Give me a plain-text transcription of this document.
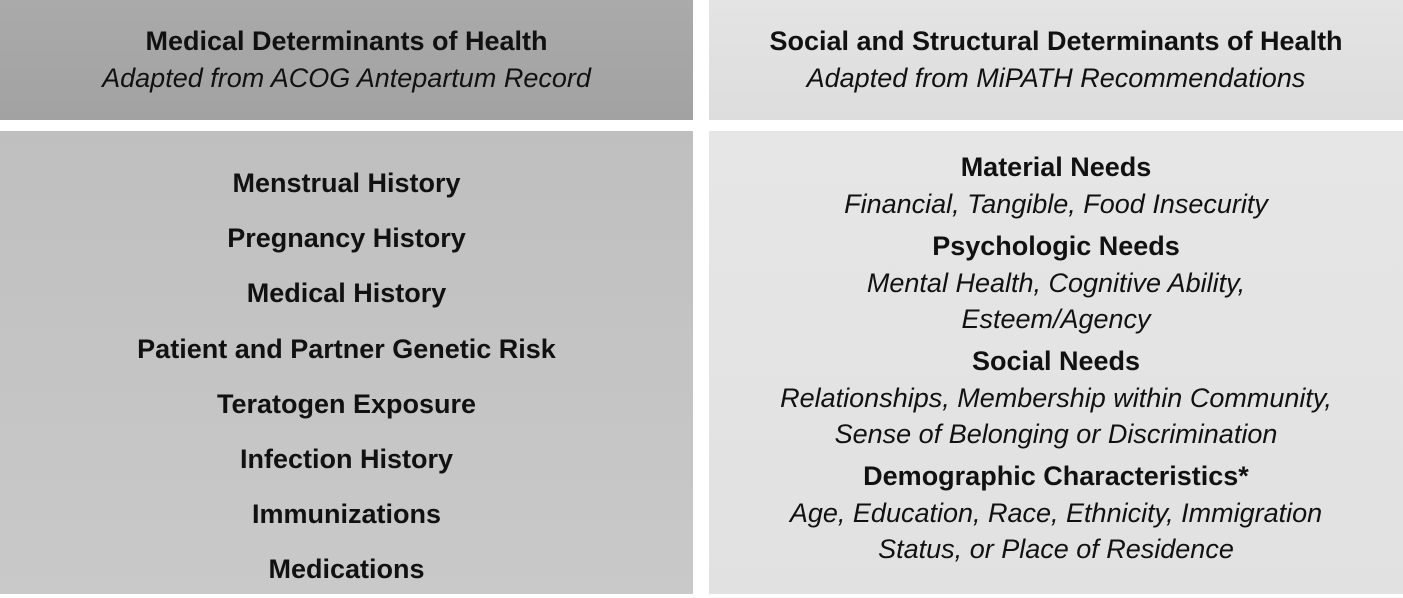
Medical Determinants of Health
Adapted from ACOG Antepartum Record
Social and Structural Determinants of Health
Adapted from MiPATH Recommendations
Menstrual History
Pregnancy History
Medical History
Patient and Partner Genetic Risk
Teratogen Exposure
Infection History
Immunizations
Medications
Material Needs
Financial, Tangible, Food Insecurity
Psychologic Needs
Mental Health, Cognitive Ability,
Esteem/Agency
Social Needs
Relationships, Membership within Community,
Sense of Belonging or Discrimination
Demographic Characteristics*
Age, Education, Race, Ethnicity, Immigration
Status, or Place of Residence
